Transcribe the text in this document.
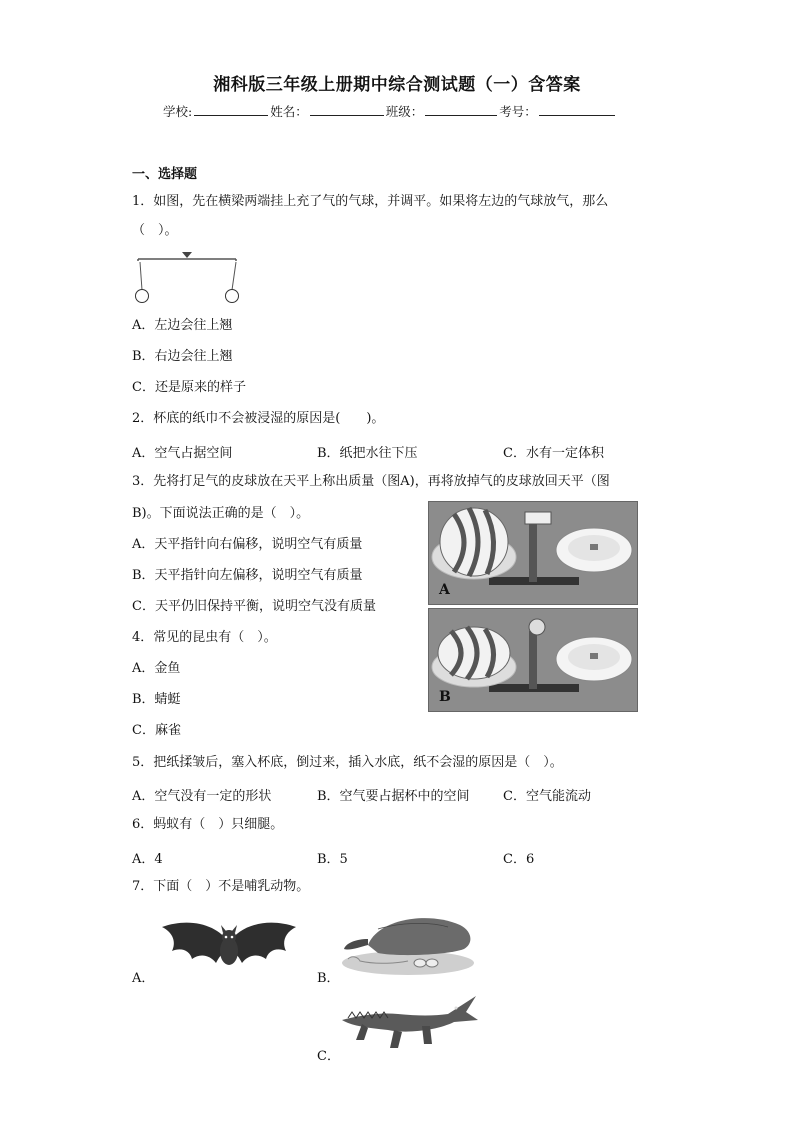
湘科版三年级上册期中综合测试题（一）含答案
学校:	姓名：	班级：	考号：
一、选择题
1．如图，先在横梁两端挂上充了气的气球，并调平。如果将左边的气球放气，那么
（　）。
A．左边会往上翘
B．右边会往上翘
C．还是原来的样子
2．杯底的纸巾不会被浸湿的原因是(　　)。
A．空气占据空间	B．纸把水往下压	C．水有一定体积
3．先将打足气的皮球放在天平上称出质量（图A)，再将放掉气的皮球放回天平（图
B)。下面说法正确的是（　）。
A．天平指针向右偏移，说明空气有质量
B．天平指针向左偏移，说明空气有质量
C．天平仍旧保持平衡，说明空气没有质量
A
B
4．常见的昆虫有（　）。
A．金鱼
B．蜻蜓
C．麻雀
5．把纸揉皱后，塞入杯底，倒过来，插入水底，纸不会湿的原因是（　）。
A．空气没有一定的形状	B．空气要占据杯中的空间	C．空气能流动
6．蚂蚁有（　）只细腿。
A．4	B．5	C．6
7．下面（　）不是哺乳动物。
A．	B．
C．
